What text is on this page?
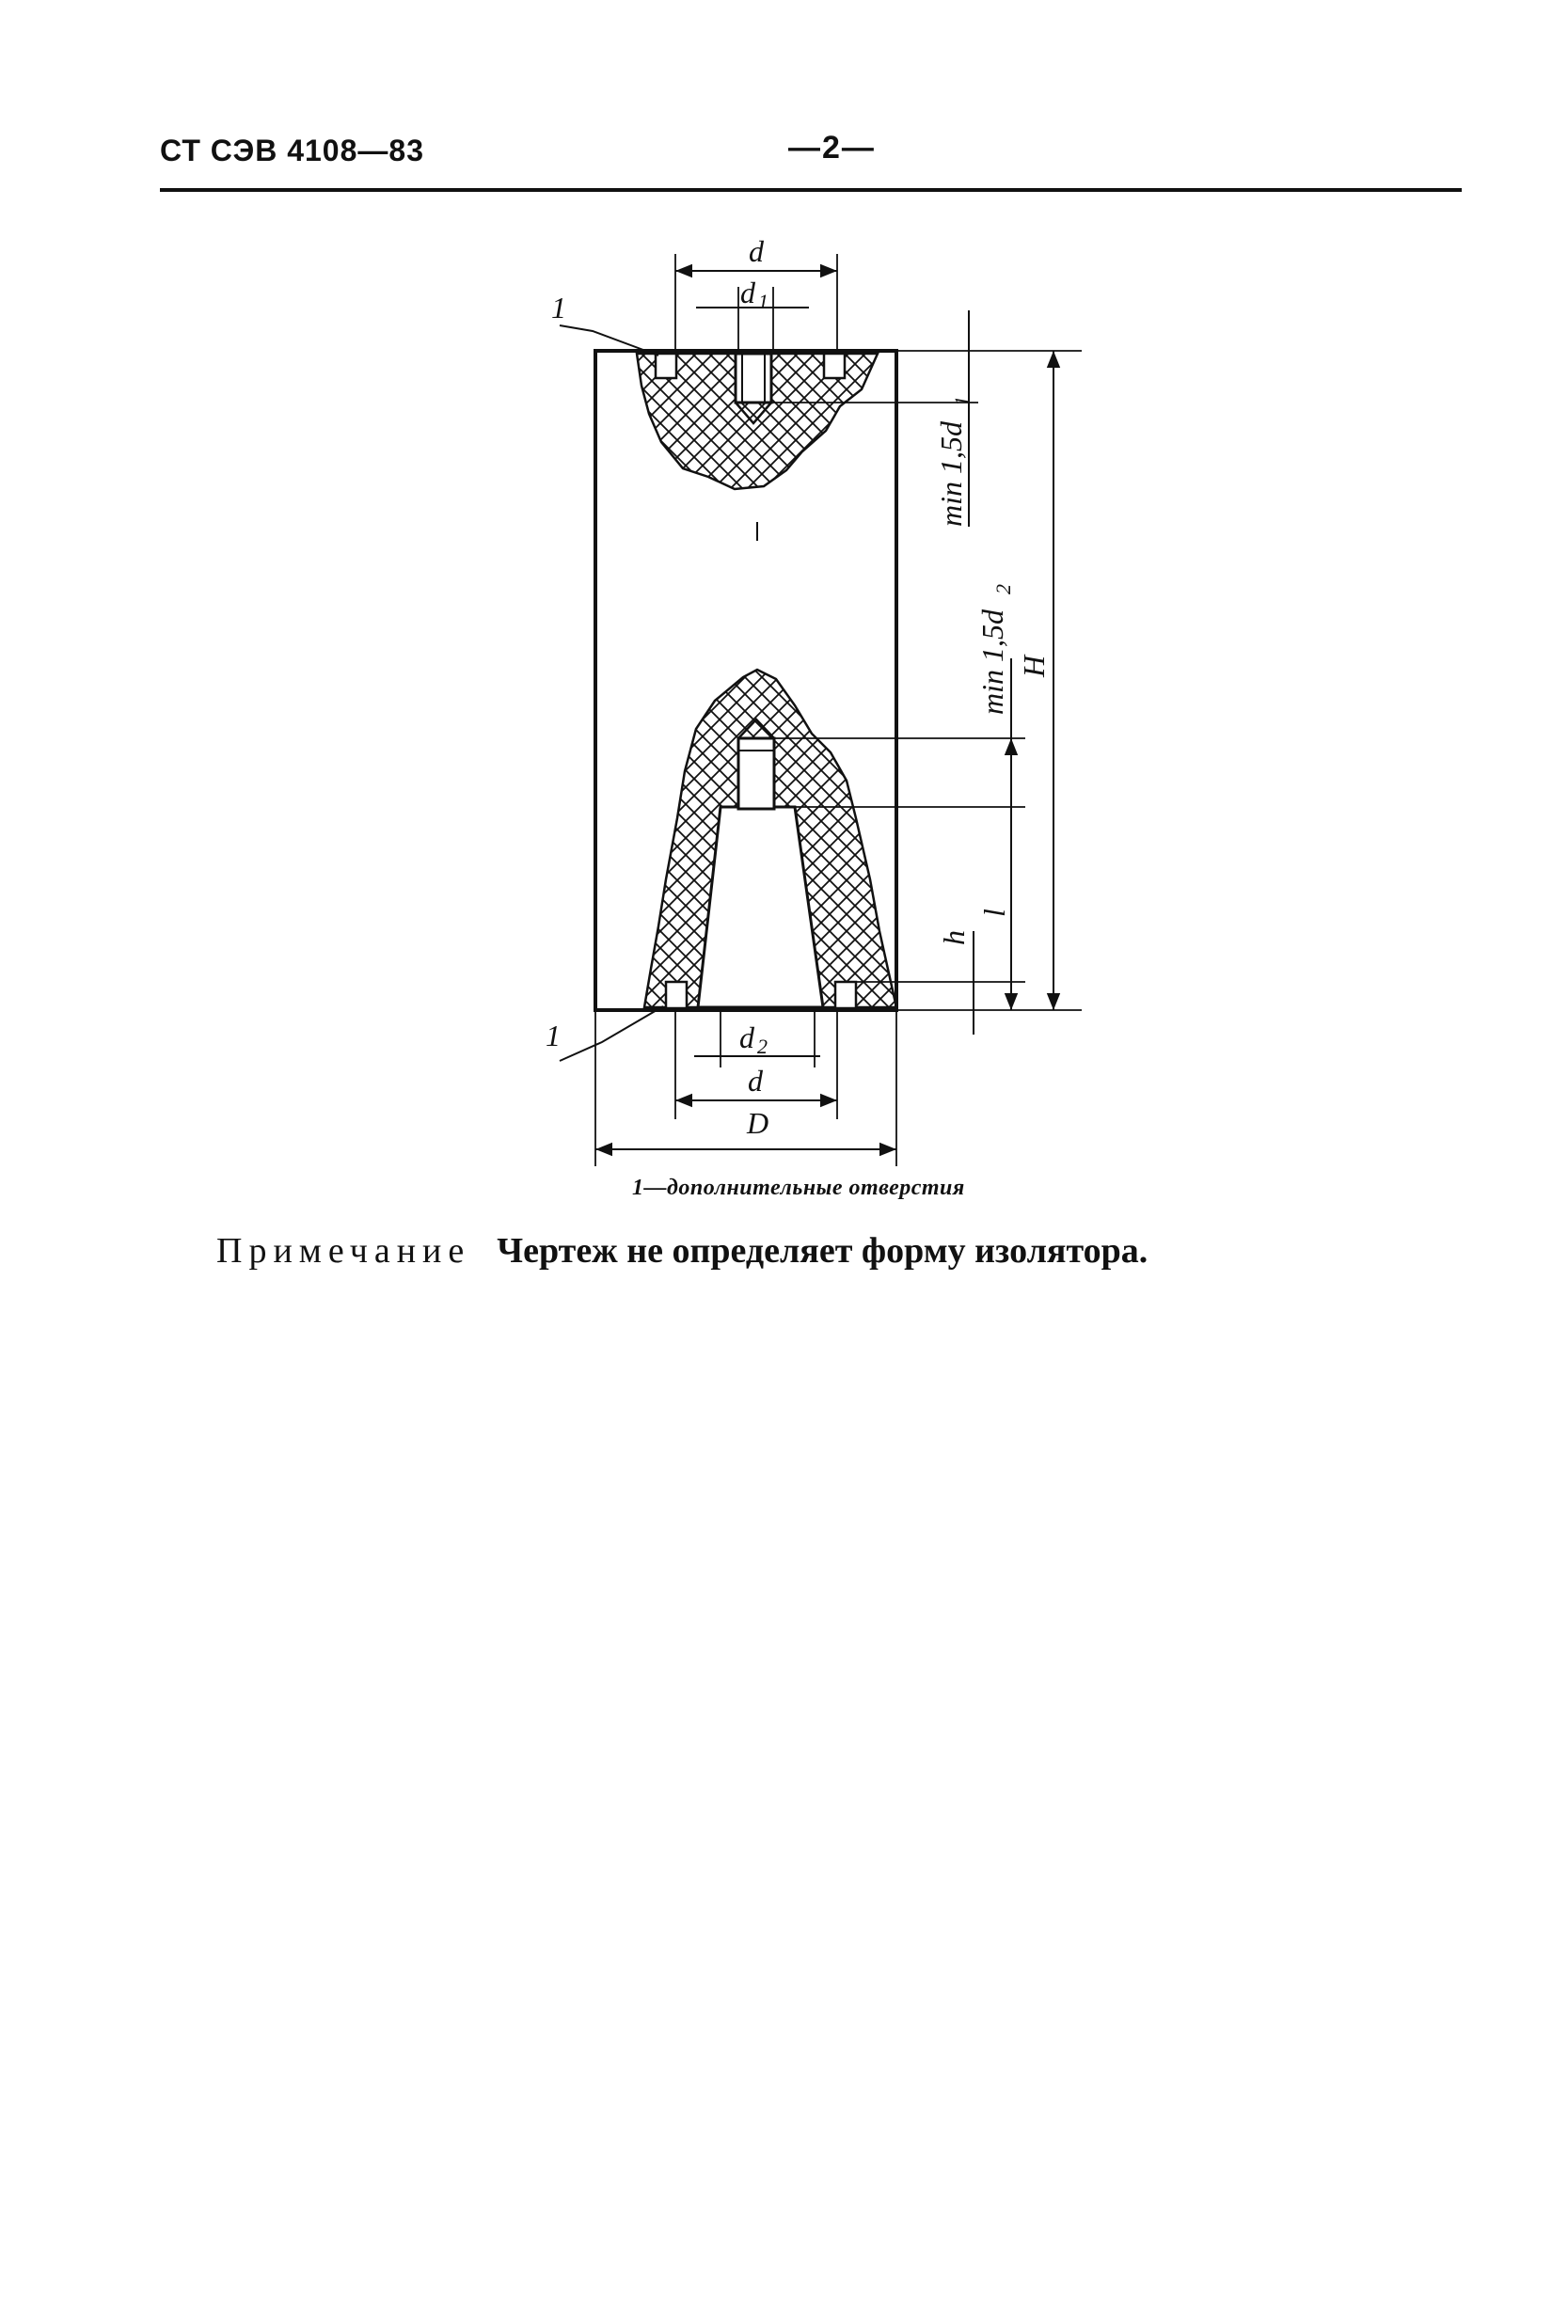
СТ СЭВ 4108—83	—2—
d
d 1
1
min 1,5d
1
min 1,5d
2
H
l
h
1	d 2
d
D
1—дополнительные отверстия
Примечание Чертеж не определяет форму изолятора.
